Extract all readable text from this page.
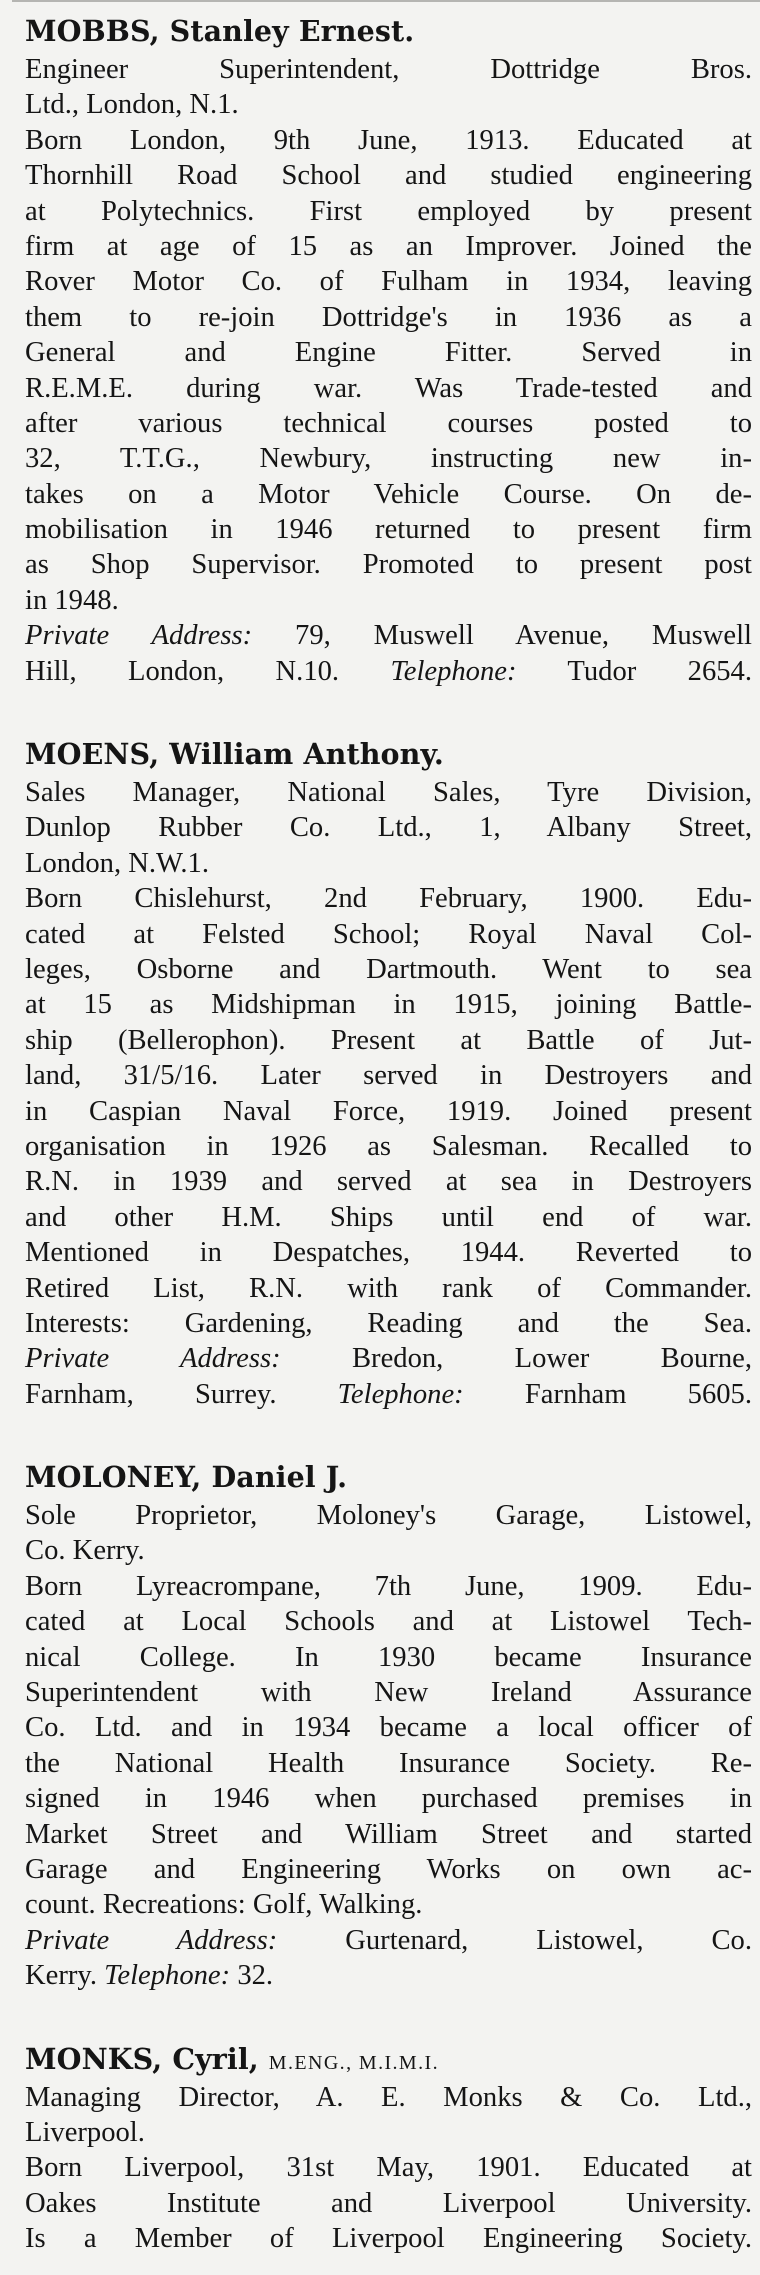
MOBBS, Stanley Ernest.
Engineer Superintendent, Dottridge Bros.
Ltd., London, N.1.
Born London, 9th June, 1913. Educated at
Thornhill Road School and studied engineering
at Polytechnics. First employed by present
firm at age of 15 as an Improver. Joined the
Rover Motor Co. of Fulham in 1934, leaving
them to re-join Dottridge's in 1936 as a
General and Engine Fitter. Served in
R.E.M.E. during war. Was Trade-tested and
after various technical courses posted to
32, T.T.G., Newbury, instructing new in-
takes on a Motor Vehicle Course. On de-
mobilisation in 1946 returned to present firm
as Shop Supervisor. Promoted to present post
in 1948.
Private Address: 79, Muswell Avenue, Muswell
Hill, London, N.10. Telephone: Tudor 2654.
MOENS, William Anthony.
Sales Manager, National Sales, Tyre Division,
Dunlop Rubber Co. Ltd., 1, Albany Street,
London, N.W.1.
Born Chislehurst, 2nd February, 1900. Edu-
cated at Felsted School; Royal Naval Col-
leges, Osborne and Dartmouth. Went to sea
at 15 as Midshipman in 1915, joining Battle-
ship (Bellerophon). Present at Battle of Jut-
land, 31/5/16. Later served in Destroyers and
in Caspian Naval Force, 1919. Joined present
organisation in 1926 as Salesman. Recalled to
R.N. in 1939 and served at sea in Destroyers
and other H.M. Ships until end of war.
Mentioned in Despatches, 1944. Reverted to
Retired List, R.N. with rank of Commander.
Interests: Gardening, Reading and the Sea.
Private Address: Bredon, Lower Bourne,
Farnham, Surrey. Telephone: Farnham 5605.
MOLONEY, Daniel J.
Sole Proprietor, Moloney's Garage, Listowel,
Co. Kerry.
Born Lyreacrompane, 7th June, 1909. Edu-
cated at Local Schools and at Listowel Tech-
nical College. In 1930 became Insurance
Superintendent with New Ireland Assurance
Co. Ltd. and in 1934 became a local officer of
the National Health Insurance Society. Re-
signed in 1946 when purchased premises in
Market Street and William Street and started
Garage and Engineering Works on own ac-
count. Recreations: Golf, Walking.
Private Address: Gurtenard, Listowel, Co.
Kerry. Telephone: 32.
MONKS, Cyril, M.ENG., M.I.M.I.
Managing Director, A. E. Monks & Co. Ltd.,
Liverpool.
Born Liverpool, 31st May, 1901. Educated at
Oakes Institute and Liverpool University.
Is a Member of Liverpool Engineering Society.
